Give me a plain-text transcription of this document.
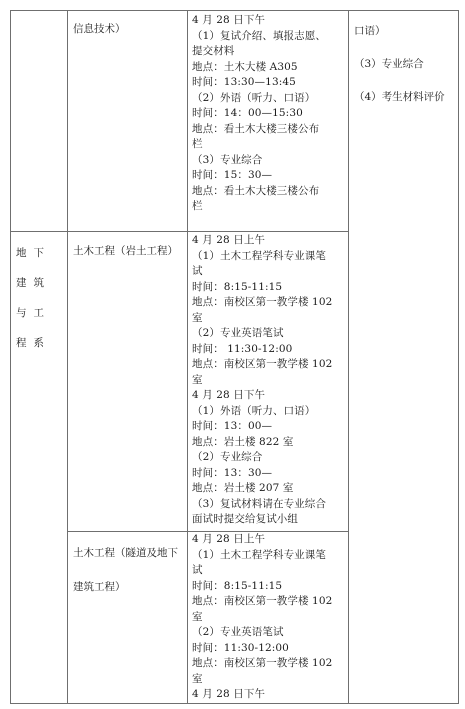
信息技术）
4 月 28 日下午
（1）复试介绍、填报志愿、
提交材料
地点：土木大楼 A305
时间：13:30—13:45
（2）外语（听力、口语）
时间：14：00—15:30
地点：看土木大楼三楼公布
栏
（3）专业综合
时间：15：30—
地点：看土木大楼三楼公布
栏
口语）
（3）专业综合
（4）考生材料评价
地下建筑与工程系
土木工程（岩土工程）
4 月 28 日上午
（1）土木工程学科专业课笔
试
时间：8:15-11:15
地点：南校区第一教学楼 102
室
（2）专业英语笔试
时间： 11:30-12:00
地点：南校区第一教学楼 102
室
4 月 28 日下午
（1）外语（听力、口语）
时间：13：00—
地点：岩土楼 822 室
（2）专业综合
时间：13：30—
地点：岩土楼 207 室
（3）复试材料请在专业综合
面试时提交给复试小组
土木工程（隧道及地下建筑工程）
4 月 28 日上午
（1）土木工程学科专业课笔
试
时间：8:15-11:15
地点：南校区第一教学楼 102
室
（2）专业英语笔试
时间：11:30-12:00
地点：南校区第一教学楼 102
室
4 月 28 日下午
